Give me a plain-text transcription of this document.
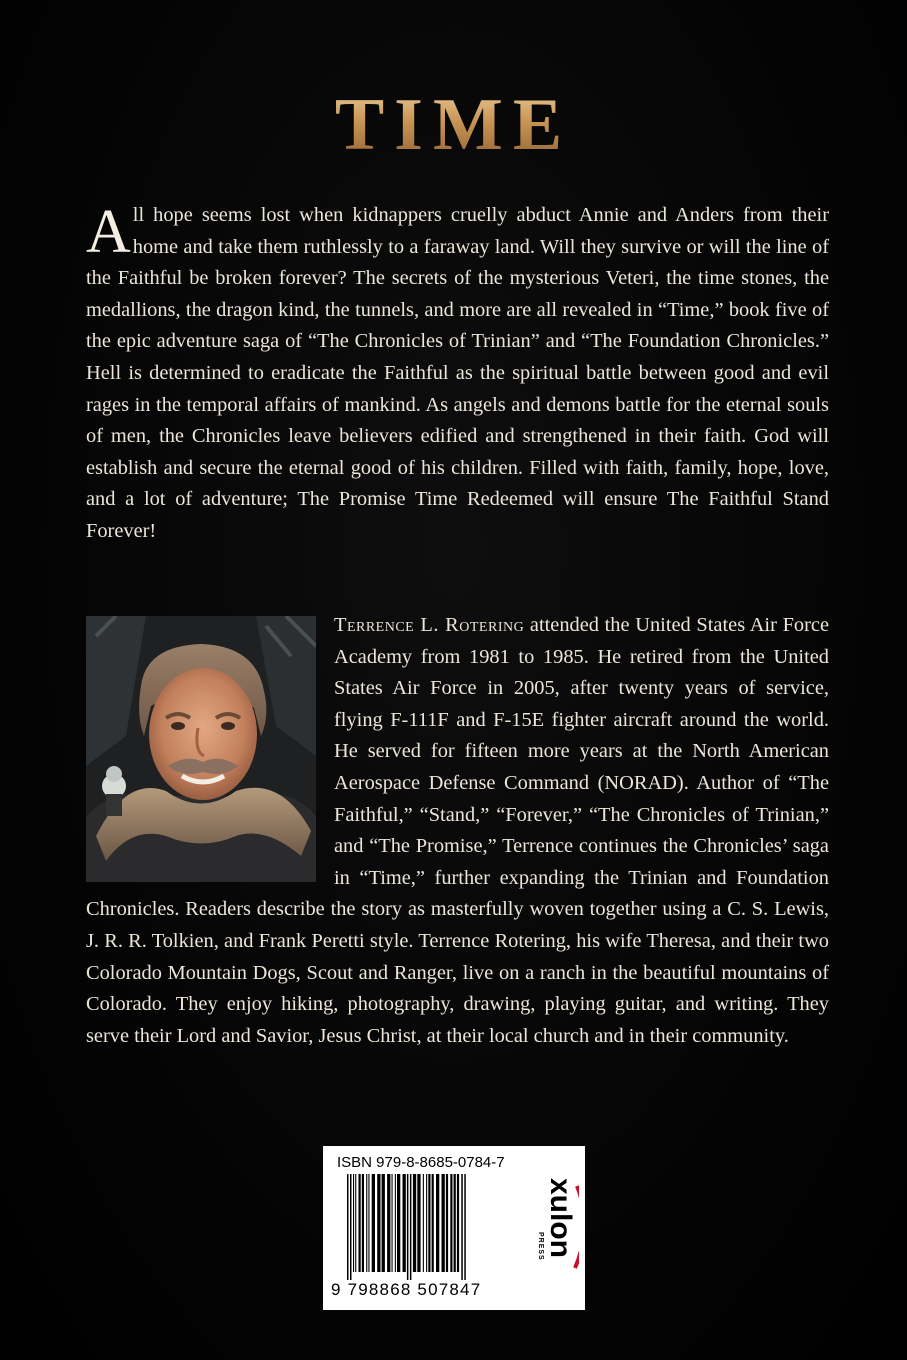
TIME

All hope seems lost when kidnappers cruelly abduct Annie and Anders from their home and take them ruthlessly to a faraway land. Will they survive or will the line of the Faithful be broken forever? The secrets of the mysterious Veteri, the time stones, the medallions, the dragon kind, the tunnels, and more are all revealed in “Time,” book five of the epic adventure saga of “The Chronicles of Trinian” and “The Foundation Chronicles.” Hell is determined to eradicate the Faithful as the spiritual battle between good and evil rages in the temporal affairs of mankind. As angels and demons battle for the eternal souls of men, the Chronicles leave believers edified and strengthened in their faith. God will establish and secure the eternal good of his children. Filled with faith, family, hope, love, and a lot of adventure; The Promise Time Redeemed will ensure The Faithful Stand Forever!

Terrence L. Rotering attended the United States Air Force Academy from 1981 to 1985. He retired from the United States Air Force in 2005, after twenty years of service, flying F-111F and F-15E fighter aircraft around the world. He served for fifteen more years at the North American Aerospace Defense Command (NORAD). Author of “The Faithful,” “Stand,” “Forever,” “The Chronicles of Trinian,” and “The Promise,” Terrence continues the Chronicles’ saga in “Time,” further expanding the Trinian and Foundation Chronicles. Readers describe the story as masterfully woven together using a C. S. Lewis, J. R. R. Tolkien, and Frank Peretti style. Terrence Rotering, his wife Theresa, and their two Colorado Mountain Dogs, Scout and Ranger, live on a ranch in the beautiful mountains of Colorado. They enjoy hiking, photography, drawing, playing guitar, and writing. They serve their Lord and Savior, Jesus Christ, at their local church and in their community.

ISBN 979-8-8685-0784-7
9 798868 507847
xulon
PRESS
